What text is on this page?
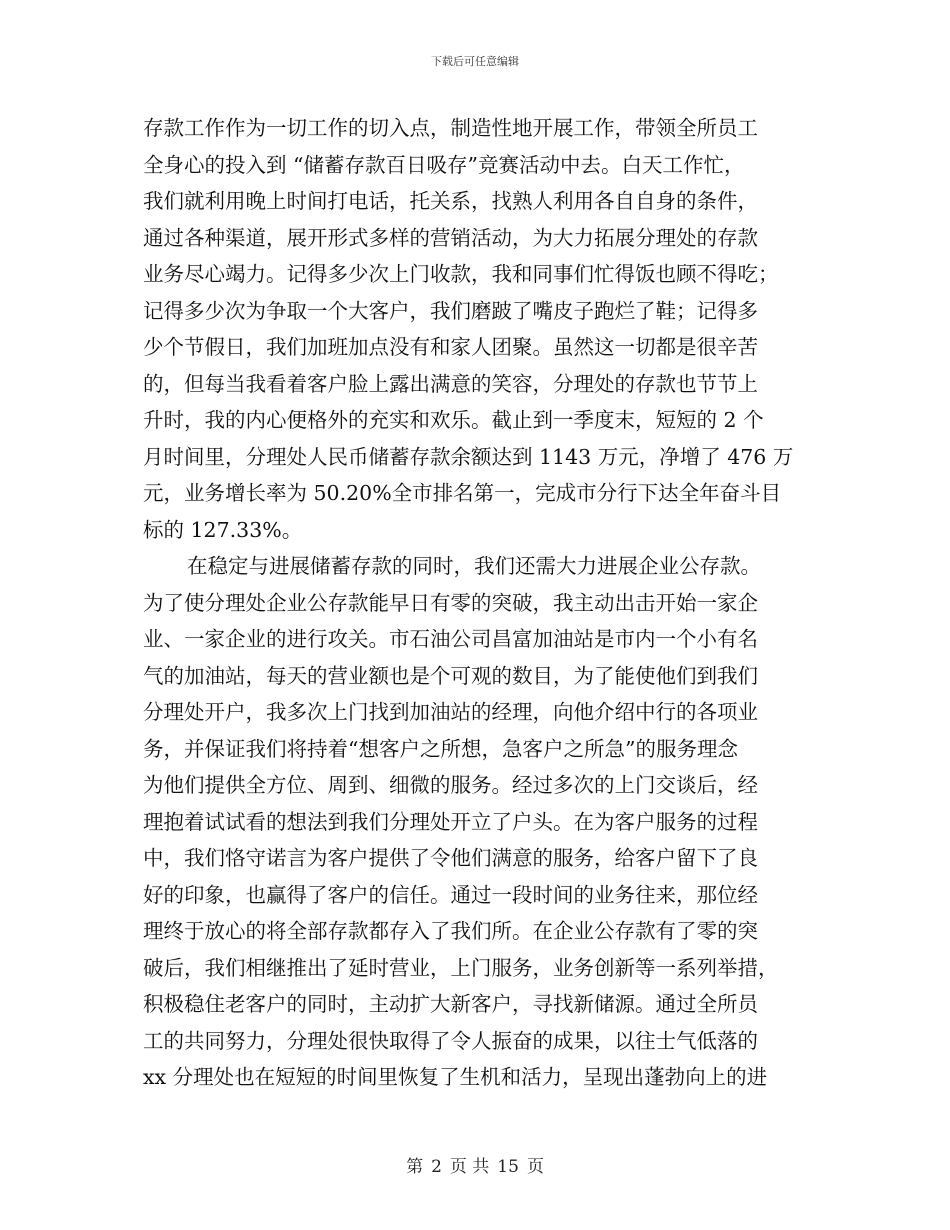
下载后可任意编辑
存款工作作为一切工作的切入点，制造性地开展工作，带领全所员工
全身心的投入到 “储蓄存款百日吸存”竞赛活动中去。白天工作忙，
我们就利用晚上时间打电话，托关系，找熟人利用各自自身的条件，
通过各种渠道，展开形式多样的营销活动，为大力拓展分理处的存款
业务尽心竭力。记得多少次上门收款，我和同事们忙得饭也顾不得吃；
记得多少次为争取一个大客户，我们磨跛了嘴皮子跑烂了鞋；记得多
少个节假日，我们加班加点没有和家人团聚。虽然这一切都是很辛苦
的，但每当我看着客户脸上露出满意的笑容，分理处的存款也节节上
升时，我的内心便格外的充实和欢乐。截止到一季度末，短短的 2 个
月时间里，分理处人民币储蓄存款余额达到 1143 万元，净增了 476 万
元，业务增长率为 50.20%全市排名第一，完成市分行下达全年奋斗目
标的 127.33%。
在稳定与进展储蓄存款的同时，我们还需大力进展企业公存款。
为了使分理处企业公存款能早日有零的突破，我主动出击开始一家企
业、一家企业的进行攻关。市石油公司昌富加油站是市内一个小有名
气的加油站，每天的营业额也是个可观的数目，为了能使他们到我们
分理处开户，我多次上门找到加油站的经理，向他介绍中行的各项业
务，并保证我们将持着“想客户之所想，急客户之所急”的服务理念
为他们提供全方位、周到、细微的服务。经过多次的上门交谈后，经
理抱着试试看的想法到我们分理处开立了户头。在为客户服务的过程
中，我们恪守诺言为客户提供了令他们满意的服务，给客户留下了良
好的印象，也赢得了客户的信任。通过一段时间的业务往来，那位经
理终于放心的将全部存款都存入了我们所。在企业公存款有了零的突
破后，我们相继推出了延时营业，上门服务，业务创新等一系列举措，
积极稳住老客户的同时，主动扩大新客户，寻找新储源。通过全所员
工的共同努力，分理处很快取得了令人振奋的成果，以往士气低落的
xx 分理处也在短短的时间里恢复了生机和活力，呈现出蓬勃向上的进
第 2 页 共 15 页
